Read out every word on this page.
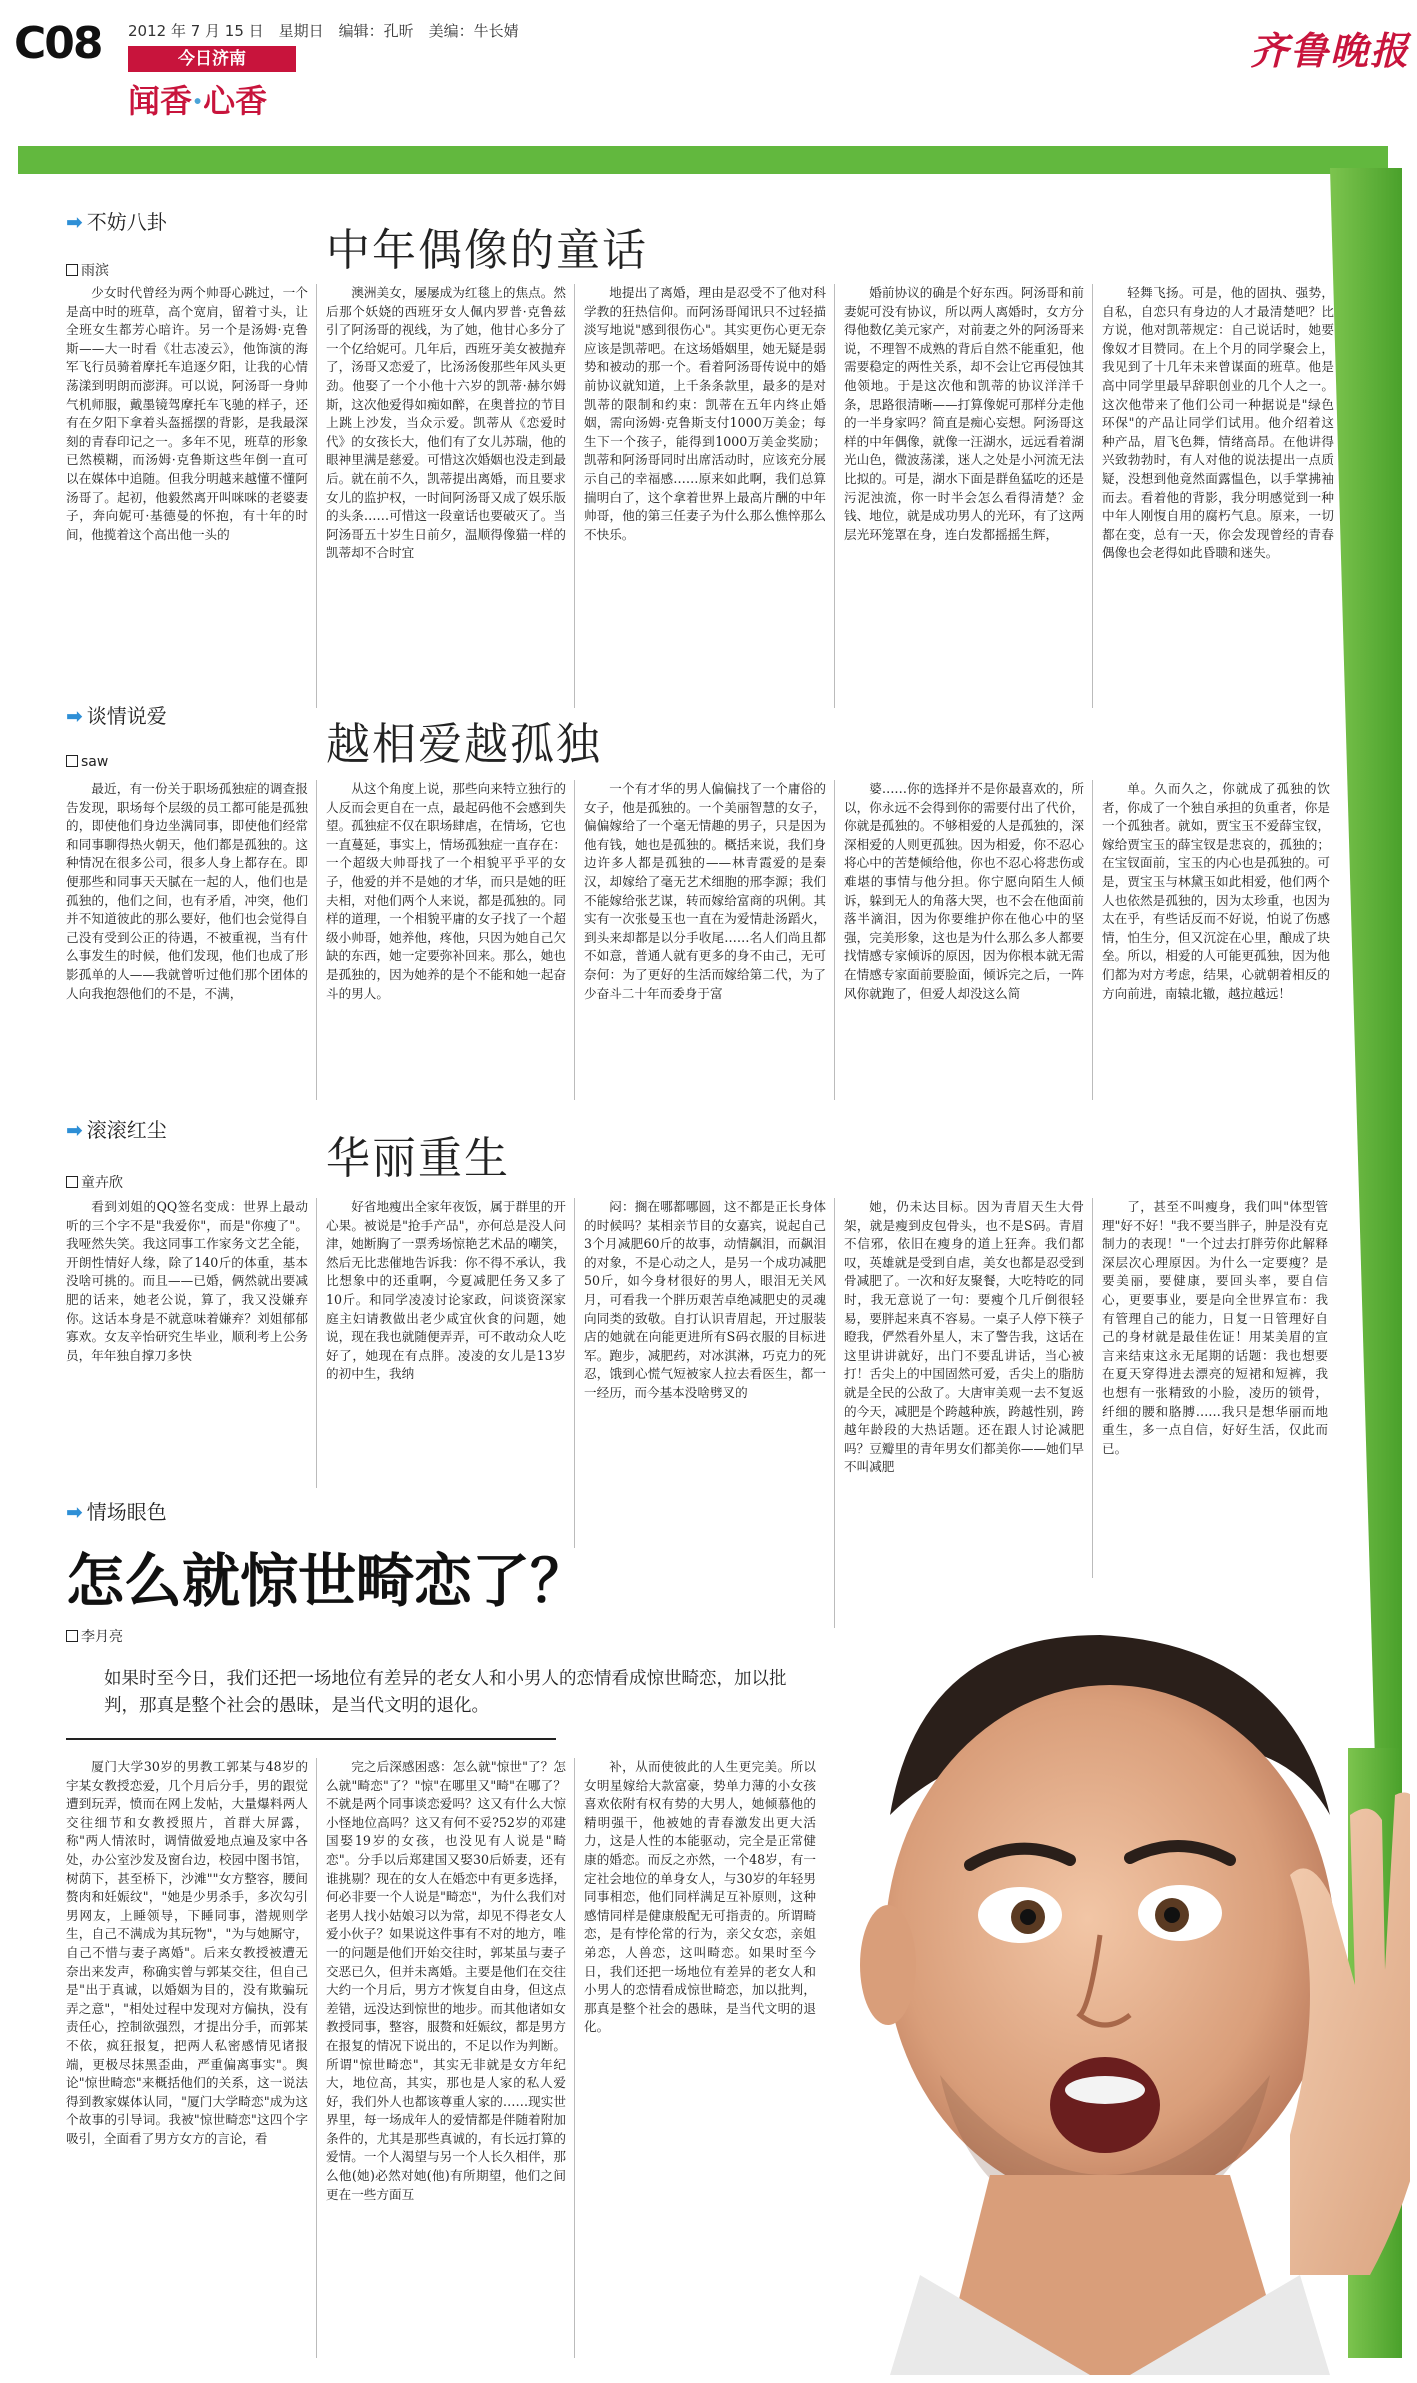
C08 2012 年 7 月 15 日　星期日　编辑：孔昕　美编：牛长婧
今日济南
闻香·心香
齐鲁晚报
➡ 不妨八卦
中年偶像的童话
雨滨

少女时代曾经为两个帅哥心跳过，一个是高中时的班草，高个宽肩，留着寸头，让全班女生都芳心暗许。另一个是汤姆·克鲁斯——大一时看《壮志凌云》，他饰演的海军飞行员骑着摩托车追逐夕阳，让我的心情荡漾到明朗而澎湃。可以说，阿汤哥一身帅气机师服，戴墨镜驾摩托车飞驰的样子，还有在夕阳下拿着头盔摇摆的背影，是我最深刻的青春印记之一。多年不见，班草的形象已然模糊，而汤姆·克鲁斯这些年倒一直可以在媒体中追随。但我分明越来越懂不懂阿汤哥了。起初，他毅然离开叫咪咪的老婆妻子，奔向妮可·基德曼的怀抱，有十年的时间，他揽着这个高出他一头的

澳洲美女，屡屡成为红毯上的焦点。然后那个妖娆的西班牙女人佩内罗普·克鲁兹引了阿汤哥的视线，为了她，他甘心多分了一个亿给妮可。几年后，西班牙美女被抛弃了，汤哥又恋爱了，比汤汤俊那些年风头更劲。他娶了一个小他十六岁的凯蒂·赫尔姆斯，这次他爱得如痴如醉，在奥普拉的节目上跳上沙发，当众示爱。凯蒂从《恋爱时代》的女孩长大，他们有了女儿苏瑞，他的眼神里满是慈爱。可惜这次婚姻也没走到最后。就在前不久，凯蒂提出离婚，而且要求女儿的监护权，一时间阿汤哥又成了娱乐版的头条……可惜这一段童话也要破灭了。当阿汤哥五十岁生日前夕，温顺得像猫一样的凯蒂却不合时宜

地提出了离婚，理由是忍受不了他对科学教的狂热信仰。而阿汤哥闻讯只不过轻描淡写地说"感到很伤心"。其实更伤心更无奈应该是凯蒂吧。在这场婚姻里，她无疑是弱势和被动的那一个。看着阿汤哥传说中的婚前协议就知道，上千条条款里，最多的是对凯蒂的限制和约束：凯蒂在五年内终止婚姻，需向汤姆·克鲁斯支付1000万美金；每生下一个孩子，能得到1000万美金奖励；凯蒂和阿汤哥同时出席活动时，应该充分展示自己的幸福感……原来如此啊，我们总算揣明白了，这个拿着世界上最高片酬的中年帅哥，他的第三任妻子为什么那么憔悴那么不快乐。

婚前协议的确是个好东西。阿汤哥和前妻妮可没有协议，所以两人离婚时，女方分得他数亿美元家产，对前妻之外的阿汤哥来说，不理智不成熟的背后自然不能重犯，他需要稳定的两性关系，却不会让它再侵蚀其他领地。于是这次他和凯蒂的协议洋洋千条，思路很清晰——打算像妮可那样分走他的一半身家吗？简直是痴心妄想。阿汤哥这样的中年偶像，就像一汪湖水，远远看着湖光山色，微波荡漾，迷人之处是小河流无法比拟的。可是，湖水下面是群鱼猛吃的还是污泥浊流，你一时半会怎么看得清楚？金钱、地位，就是成功男人的光环，有了这两层光环笼罩在身，连白发都摇摇生辉，

轻舞飞扬。可是，他的固执、强势，自私，自恋只有身边的人才最清楚吧？比方说，他对凯蒂规定：自己说话时，她要像奴才目赞同。在上个月的同学聚会上，我见到了十几年未来曾谋面的班草。他是高中同学里最早辞职创业的几个人之一。这次他带来了他们公司一种据说是"绿色环保"的产品让同学们试用。他介绍着这种产品，眉飞色舞，情绪高昂。在他讲得兴致勃勃时，有人对他的说法提出一点质疑，没想到他竟然面露愠色，以手掌拂袖而去。看着他的背影，我分明感觉到一种中年人刚愎自用的腐朽气息。原来，一切都在变，总有一天，你会发现曾经的青春偶像也会老得如此昏聩和迷失。

➡ 谈情说爱
越相爱越孤独
saw

最近，有一份关于职场孤独症的调查报告发现，职场每个层级的员工都可能是孤独的，即使他们身边坐满同事，即使他们经常和同事聊得热火朝天，他们都是孤独的。这种情况在很多公司，很多人身上都存在。即便那些和同事天天腻在一起的人，他们也是孤独的，他们之间，也有矛盾，冲突，他们并不知道彼此的那么要好，他们也会觉得自己没有受到公正的待遇，不被重视，当有什么事发生的时候，他们发现，他们也成了形影孤单的人——我就曾听过他们那个团体的人向我抱怨他们的不是，不满，

从这个角度上说，那些向来特立独行的人反而会更自在一点，最起码他不会感到失望。孤独症不仅在职场肆虐，在情场，它也一直蔓延，事实上，情场孤独症一直存在：一个超级大帅哥找了一个相貌平乎平的女子，他爱的并不是她的才华，而只是她的旺夫相，对他们两个人来说，都是孤独的。同样的道理，一个相貌平庸的女子找了一个超级小帅哥，她养他，疼他，只因为她自己欠缺的东西，她一定要弥补回来。那么，她也是孤独的，因为她养的是个不能和她一起奋斗的男人。

一个有才华的男人偏偏找了一个庸俗的女子，他是孤独的。一个美丽智慧的女子，偏偏嫁给了一个毫无情趣的男子，只是因为他有钱，她也是孤独的。概括来说，我们身边许多人都是孤独的——林青霞爱的是秦汉，却嫁给了毫无艺术细胞的邢李源；我们不能嫁给张艺谋，转而嫁给富商的巩俐。其实有一次张曼玉也一直在为爱情赴汤蹈火，到头来却都是以分手收尾……名人们尚且都不如意，普通人就有更多的身不由己，无可奈何：为了更好的生活而嫁给第二代，为了少奋斗二十年而委身于富

婆……你的选择并不是你最喜欢的，所以，你永远不会得到你的需要付出了代价，你就是孤独的。不够相爱的人是孤独的，深深相爱的人则更孤独。因为相爱，你不忍心将心中的苦楚倾给他，你也不忍心将悲伤或难堪的事情与他分担。你宁愿向陌生人倾诉，躲到无人的角落大哭，也不会在他面前落半滴泪，因为你要维护你在他心中的坚强，完美形象，这也是为什么那么多人都要找情感专家倾诉的原因，因为你根本就无需在情感专家面前要脸面，倾诉完之后，一阵风你就跑了，但爱人却没这么简

单。久而久之，你就成了孤独的饮者，你成了一个独自承担的负重者，你是一个孤独者。就如，贾宝玉不爱薛宝钗，嫁给贾宝玉的薛宝钗是悲哀的，孤独的；在宝钗面前，宝玉的内心也是孤独的。可是，贾宝玉与林黛玉如此相爱，他们两个人也依然是孤独的，因为太珍重，也因为太在乎，有些话反而不好说，怕说了伤感情，怕生分，但又沉淀在心里，酿成了块垒。所以，相爱的人可能更孤独，因为他们都为对方考虑，结果，心就朝着相反的方向前进，南辕北辙，越拉越远！

➡ 滚滚红尘
华丽重生
童卉欣

看到刘姐的QQ签名变成：世界上最动听的三个字不是"我爱你"，而是"你瘦了"。我哑然失笑。我这同事工作家务文艺全能，开朗性情好人缘，除了140斤的体重，基本没啥可挑的。而且——已婚，俩然就出要减肥的话来，她老公说，算了，我又没嫌弃你。这话本身是不就意味着嫌弃？刘姐郁郁寡欢。女友辛怡研究生毕业，顺利考上公务员，年年独自撑刀多快

好省地瘦出全家年夜饭，属于群里的开心果。被说是"抢手产品"，亦何总是没人问津，她断胸了一票秀场惊艳艺术品的嘲笑，然后无比悲催地告诉我：你不得不承认，我比想象中的还重啊，今夏减肥任务又多了10斤。和同学凌凌讨论家政，问谈资深家庭主妇请教做出老少咸宜伙食的问题，她说，现在我也就随便弄弄，可不敢动众人吃好了，她现在有点胖。凌凌的女儿是13岁的初中生，我纳

闷：搁在哪都哪圆，这不都是正长身体的时候吗？某相亲节目的女嘉宾，说起自己3个月减肥60斤的故事，动情飙泪，而飙泪的对象，不是心动之人，是另一个成功减肥50斤，如今身材很好的男人，眼泪无关风月，可看我一个胖历艰苦卓绝减肥史的灵魂向同类的致敬。自打认识青眉起，开过服装店的她就在向能更进所有S码衣服的目标进军。跑步，减肥药，对冰淇淋，巧克力的死忍，饿到心慌气短被家人拉去看医生，都一一经历，而今基本没啥劈叉的

她，仍未达目标。因为青眉天生大骨架，就是瘦到皮包骨头，也不是S码。青眉不信邪，依旧在瘦身的道上狂奔。我们都叹，英雄就是受到自虐，美女也都是忍受到骨减肥了。一次和好友聚餐，大吃特吃的同时，我无意说了一句：要瘦个几斤倒很轻易，要胖起来真不容易。一桌子人停下筷子瞪我，俨然看外星人，末了警告我，这话在这里讲讲就好，出门不要乱讲话，当心被打！舌尖上的中国固然可爱，舌尖上的脂肪就是全民的公敌了。大唐审美观一去不复返的今天，减肥是个跨越种族，跨越性别，跨越年龄段的大热话题。还在跟人讨论减肥吗？豆瓣里的青年男女们都美你——她们早不叫减肥

了，甚至不叫瘦身，我们叫"体型管理"好不好！"我不要当胖子，肿是没有克制力的表现！"一个过去打胖劳你此解释深层次心理原因。为什么一定要瘦？是要美丽，要健康，要回头率，要自信心，更要事业，要是向全世界宣布：我有管理自己的能力，日复一日管理好自己的身材就是最佳佐证！用某美眉的宣言来结束这永无尾期的话题：我也想要在夏天穿得进去漂亮的短裙和短裤，我也想有一张精致的小脸，凌历的锁骨，纤细的腰和胳膊……我只是想华丽而地重生，多一点自信，好好生活，仅此而已。

➡ 情场眼色
怎么就惊世畸恋了？
李月亮
如果时至今日，我们还把一场地位有差异的老女人和小男人的恋情看成惊世畸恋，加以批判，那真是整个社会的愚昧，是当代文明的退化。

厦门大学30岁的男教工郭某与48岁的宇某女教授恋爱，几个月后分手，男的跟觉遭到玩弄，愤而在网上发帖，大量爆料两人交往细节和女教授照片，首群大屏露，称"两人情浓时，调情做爱地点遍及家中各处，办公室沙发及窗台边，校园中图书馆，树荫下，甚至桥下，沙滩""女方整容，腰间赘肉和妊娠纹"，"她是少男杀手，多次勾引男网友，上睡领导，下睡同事，潜规则学生，自己不满成为其玩物"，"为与她厮守，自己不惜与妻子离婚"。后来女教授被遭无奈出来发声，称确实曾与郭某交往，但自己是"出于真诚，以婚姻为目的，没有欺骗玩弄之意"，"相处过程中发现对方偏执，没有责任心，控制欲强烈，才提出分手，而郭某不依，疯狂报复，把两人私密感情见诸报端，更极尽抹黑歪曲，严重偏离事实"。舆论"惊世畸恋"来概括他们的关系，这一说法得到教家媒体认同，"厦门大学畸恋"成为这个故事的引导词。我被"惊世畸恋"这四个字吸引，全面看了男方女方的言论，看

完之后深感困惑：怎么就"惊世"了？怎么就"畸恋"了？"惊"在哪里又"畸"在哪了？不就是两个同事谈恋爱吗？这又有什么大惊小怪地位高吗？这又有何不妥?52岁的邓建国娶19岁的女孩，也没见有人说是"畸恋"。分手以后郑建国又娶30后娇妻，还有谁挑剔？现在的女人在婚恋中有更多选择，何必非要一个人说是"畸恋"，为什么我们对老男人找小姑娘习以为常，却见不得老女人爱小伙子？如果说这件事有不对的地方，唯一的问题是他们开始交往时，郭某虽与妻子交恶已久，但并未离婚。主要是他们在交往大约一个月后，男方才恢复自由身，但这点差错，远没达到惊世的地步。而其他诸如女教授同事，整容，服赘和妊娠纹，都是男方在报复的情况下说出的，不足以作为判断。所谓"惊世畸恋"，其实无非就是女方年纪大，地位高，其实，那也是人家的私人爱好，我们外人也都该尊重人家的……现实世界里，每一场成年人的爱情都是伴随着附加条件的，尤其是那些真诚的，有长远打算的爱情。一个人渴望与另一个人长久相伴，那么他(她)必然对她(他)有所期望，他们之间更在一些方面互

补，从而使彼此的人生更完美。所以女明星嫁给大款富豪，势单力薄的小女孩喜欢依附有权有势的大男人，她倾慕他的精明强干，他被她的青春激发出更大活力，这是人性的本能驱动，完全是正常健康的婚恋。而反之亦然，一个48岁，有一定社会地位的单身女人，与30岁的年轻男同事相恋，他们同样满足互补原则，这种感情同样是健康般配无可指责的。所谓畸恋，是有悖伦常的行为，亲父女恋，亲姐弟恋，人兽恋，这叫畸恋。如果时至今日，我们还把一场地位有差异的老女人和小男人的恋情看成惊世畸恋，加以批判，那真是整个社会的愚昧，是当代文明的退化。
